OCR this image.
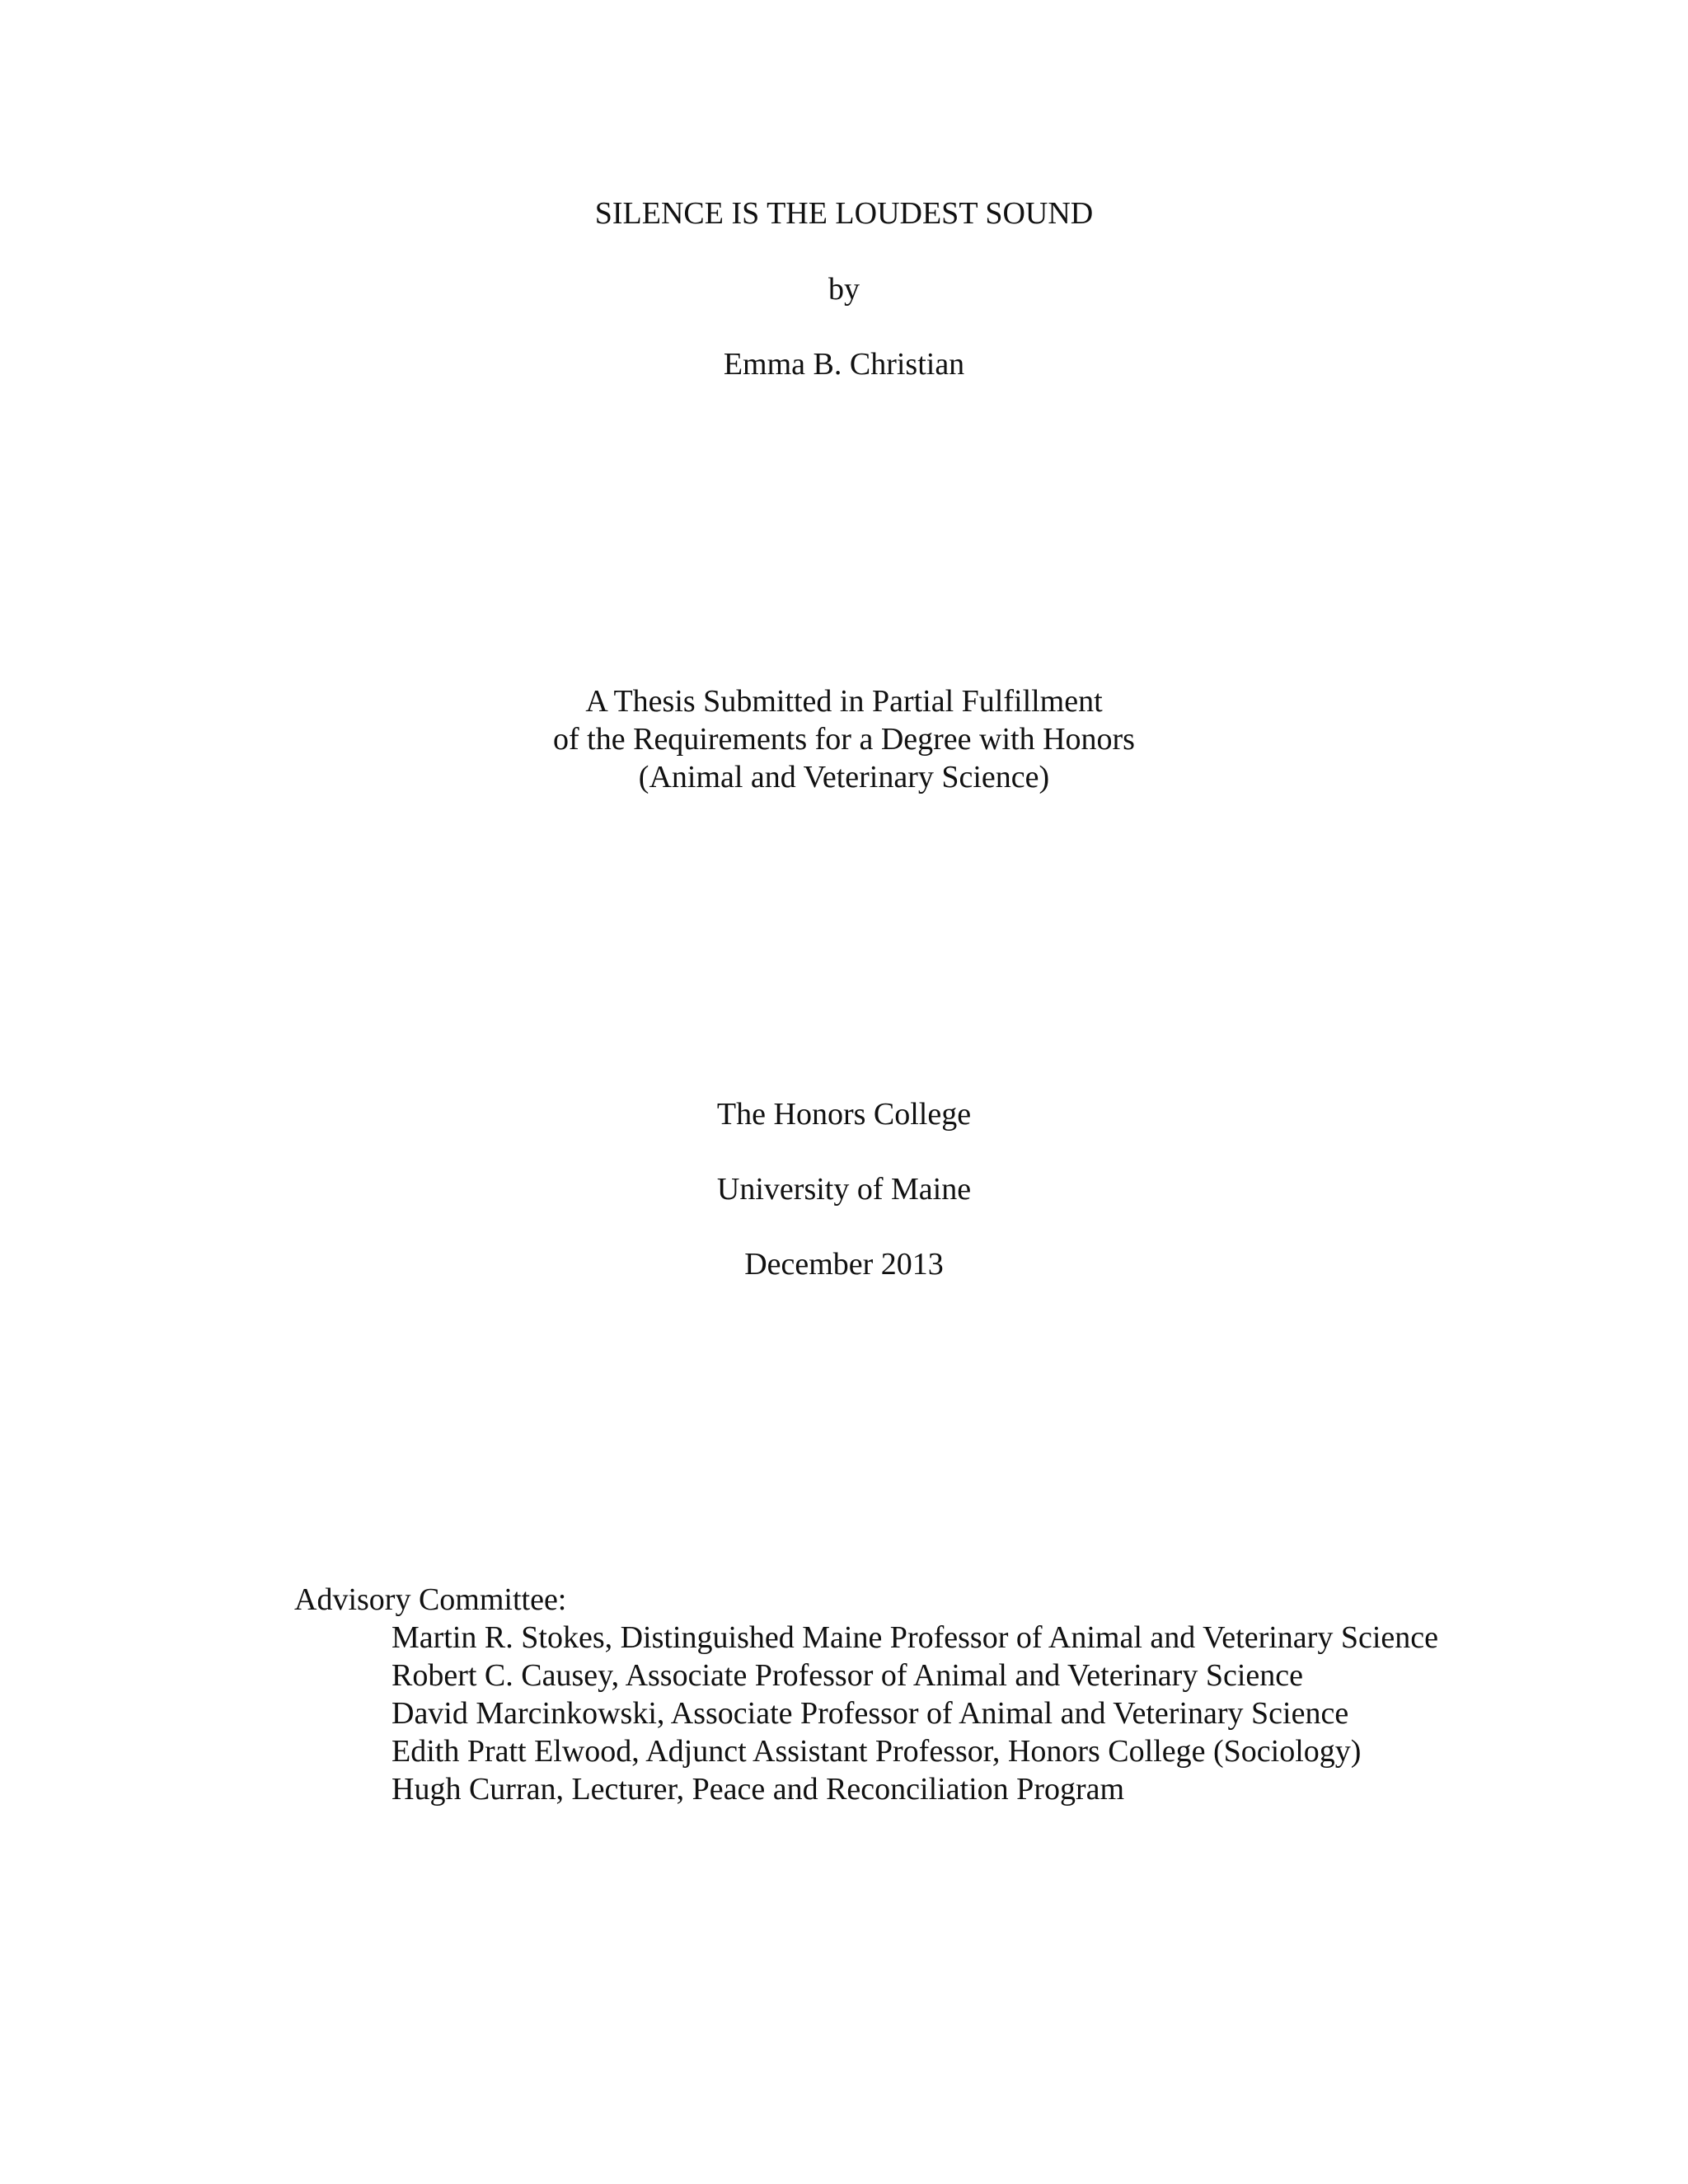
SILENCE IS THE LOUDEST SOUND
by
Emma B. Christian
A Thesis Submitted in Partial Fulfillment
of the Requirements for a Degree with Honors
(Animal and Veterinary Science)
The Honors College
University of Maine
December 2013
Advisory Committee:
Martin R. Stokes, Distinguished Maine Professor of Animal and Veterinary Science
Robert C. Causey, Associate Professor of Animal and Veterinary Science
David Marcinkowski, Associate Professor of Animal and Veterinary Science
Edith Pratt Elwood, Adjunct Assistant Professor, Honors College (Sociology)
Hugh Curran, Lecturer, Peace and Reconciliation Program
